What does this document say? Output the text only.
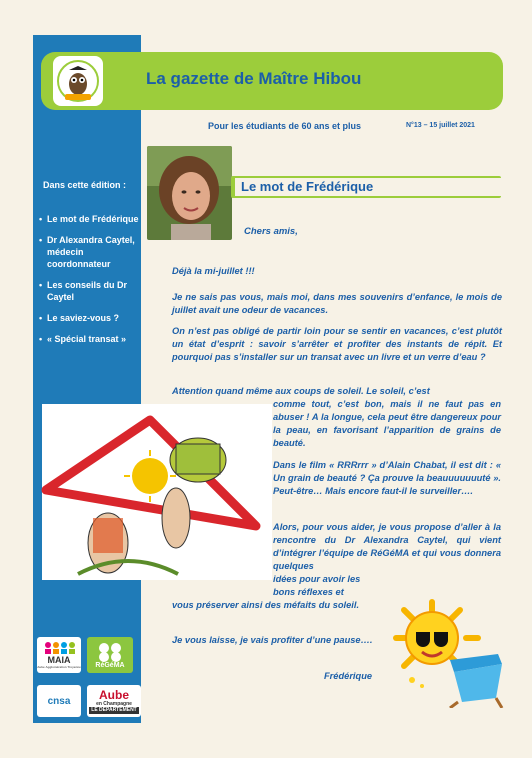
Dans cette édition :
• Le mot de Frédérique
• Dr Alexandra Caytel, médecin coordonnateur
• Les conseils du Dr Caytel
• Le saviez-vous ?
• « Spécial transat »
MAIA
Aube Agglomération Troyenne RéGéMA
cnsa Aube
en Champagne
LE DÉPARTEMENT
La gazette de Maître Hibou
Pour les étudiants de 60 ans et plus	N°13 – 15 juillet 2021
Le mot de Frédérique
Chers amis,
Déjà la mi-juillet !!!
Je ne sais pas vous, mais moi, dans mes souvenirs d’enfance, le mois de juillet avait une odeur de vacances.
On n’est pas obligé de partir loin pour se sentir en vacances, c’est plutôt un état d’esprit : savoir s’arrêter et profiter des instants de répit. Et pourquoi pas s’installer sur un transat avec un livre et un verre d’eau ?
Attention quand même aux coups de soleil. Le soleil, c’est
comme tout, c’est bon, mais il ne faut pas en abuser ! A la longue, cela peut être dangereux pour la peau, en favorisant l’apparition de grains de beauté.
Dans le film « RRRrrr » d’Alain Chabat, il est dit : « Un grain de beauté ? Ça prouve la beauuuuuuuté ». Peut-être… Mais encore faut-il le surveiller….
Alors, pour vous aider, je vous propose d’aller à la rencontre du Dr Alexandra Caytel, qui vient d’intégrer l’équipe de RéGéMA et qui vous donnera quelques
idées pour avoir les bons réflexes et
vous préserver ainsi des méfaits du soleil.
Je vous laisse, je vais profiter d’une pause….
Frédérique
